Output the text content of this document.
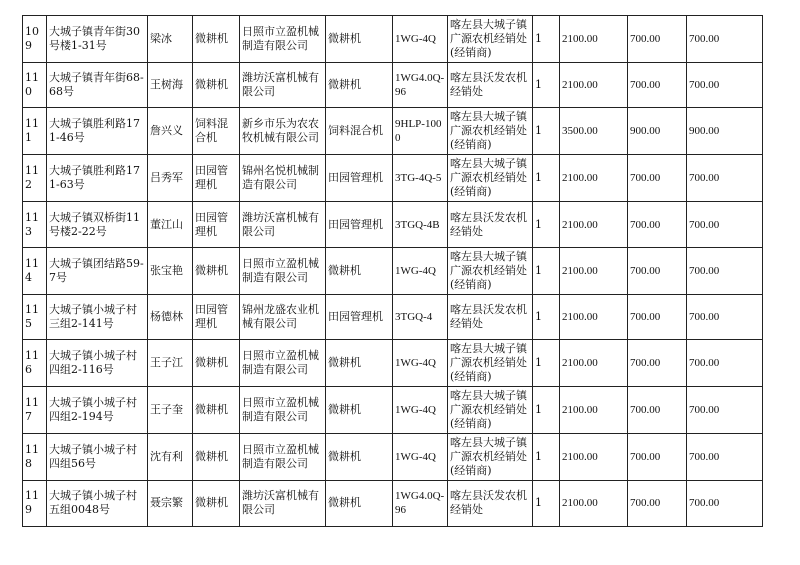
109	大城子镇青年街30号楼1-31号	梁冰	微耕机	日照市立盈机械制造有限公司	微耕机	1WG-4Q	喀左县大城子镇广源农机经销处(经销商)	1	2100.00	700.00	700.00
110	大城子镇青年街68-68号	王树海	微耕机	潍坊沃富机械有限公司	微耕机	1WG4.0Q-96	喀左县沃发农机经销处	1	2100.00	700.00	700.00
111	大城子镇胜利路171-46号	詹兴义	饲料混合机	新乡市乐为农农牧机械有限公司	饲料混合机	9HLP-1000	喀左县大城子镇广源农机经销处(经销商)	1	3500.00	900.00	900.00
112	大城子镇胜利路171-63号	吕秀军	田园管理机	锦州名悦机械制造有限公司	田园管理机	3TG-4Q-5	喀左县大城子镇广源农机经销处(经销商)	1	2100.00	700.00	700.00
113	大城子镇双桥街11号楼2-22号	董江山	田园管理机	潍坊沃富机械有限公司	田园管理机	3TGQ-4B	喀左县沃发农机经销处	1	2100.00	700.00	700.00
114	大城子镇团结路59-7号	张宝艳	微耕机	日照市立盈机械制造有限公司	微耕机	1WG-4Q	喀左县大城子镇广源农机经销处(经销商)	1	2100.00	700.00	700.00
115	大城子镇小城子村三组2-141号	杨德林	田园管理机	锦州龙盛农业机械有限公司	田园管理机	3TGQ-4	喀左县沃发农机经销处	1	2100.00	700.00	700.00
116	大城子镇小城子村四组2-116号	王子江	微耕机	日照市立盈机械制造有限公司	微耕机	1WG-4Q	喀左县大城子镇广源农机经销处(经销商)	1	2100.00	700.00	700.00
117	大城子镇小城子村四组2-194号	王子奎	微耕机	日照市立盈机械制造有限公司	微耕机	1WG-4Q	喀左县大城子镇广源农机经销处(经销商)	1	2100.00	700.00	700.00
118	大城子镇小城子村四组56号	沈有利	微耕机	日照市立盈机械制造有限公司	微耕机	1WG-4Q	喀左县大城子镇广源农机经销处(经销商)	1	2100.00	700.00	700.00
119	大城子镇小城子村五组0048号	聂宗繁	微耕机	潍坊沃富机械有限公司	微耕机	1WG4.0Q-96	喀左县沃发农机经销处	1	2100.00	700.00	700.00
